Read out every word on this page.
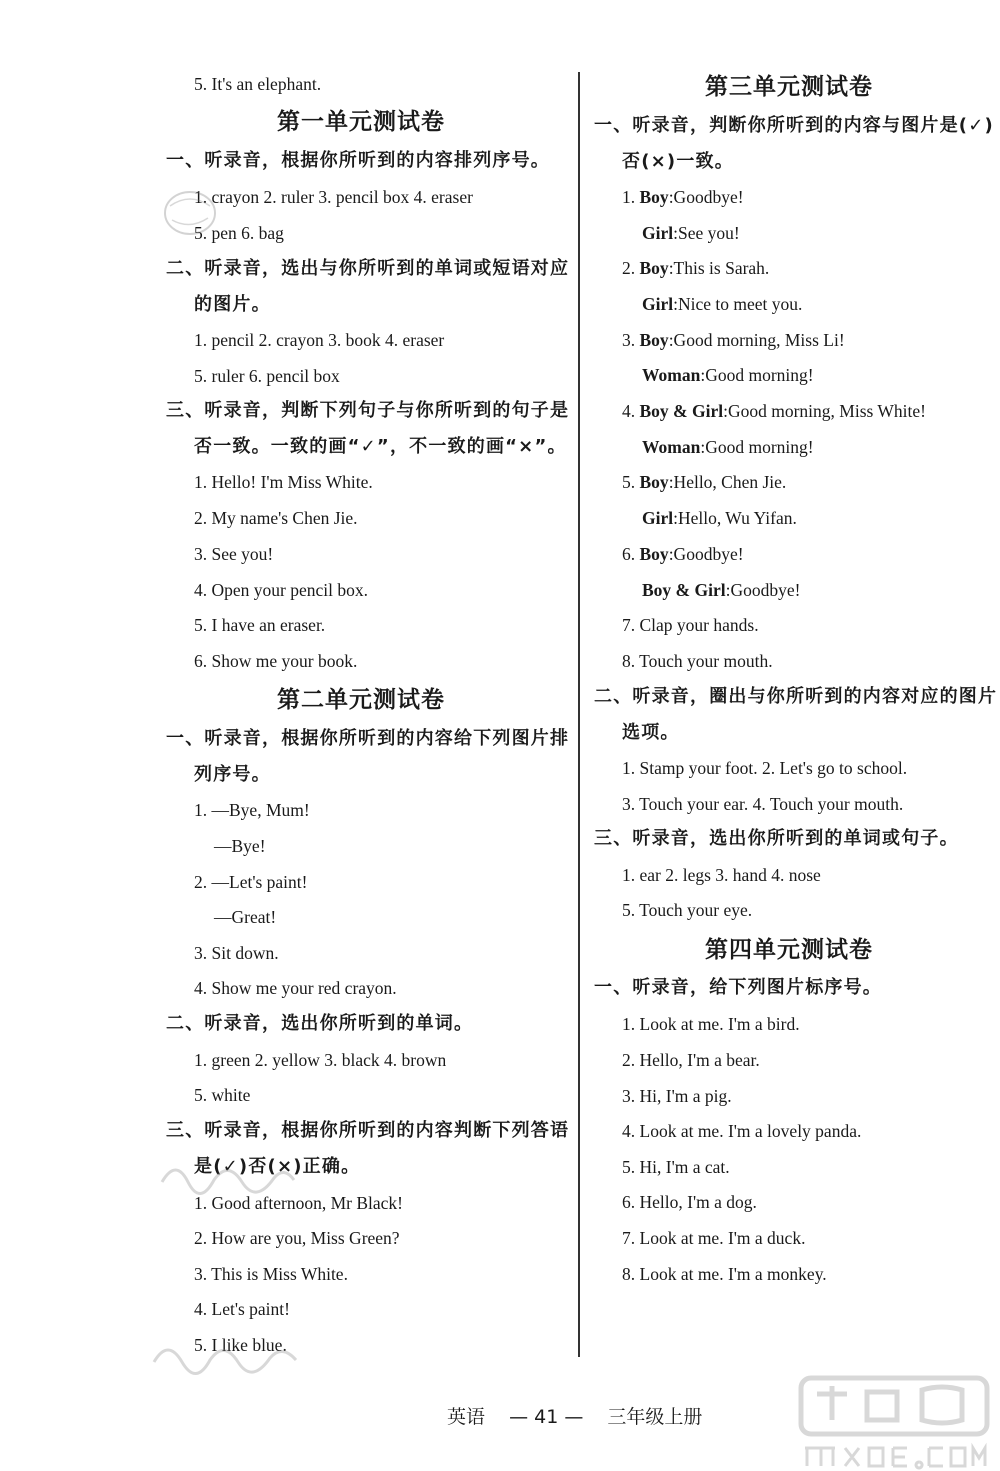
5. It's an elephant.
第一单元测试卷
一、听录音，根据你所听到的内容排列序号。
1. crayon 2. ruler 3. pencil box 4. eraser
5. pen 6. bag
二、听录音，选出与你所听到的单词或短语对应
的图片。
1. pencil 2. crayon 3. book 4. eraser
5. ruler 6. pencil box
三、听录音，判断下列句子与你所听到的句子是
否一致。一致的画“✓”，不一致的画“×”。
1. Hello! I'm Miss White.
2. My name's Chen Jie.
3. See you!
4. Open your pencil box.
5. I have an eraser.
6. Show me your book.
第二单元测试卷
一、听录音，根据你所听到的内容给下列图片排
列序号。
1. —Bye, Mum!
—Bye!
2. —Let's paint!
—Great!
3. Sit down.
4. Show me your red crayon.
二、听录音，选出你所听到的单词。
1. green 2. yellow 3. black 4. brown
5. white
三、听录音，根据你所听到的内容判断下列答语
是(✓)否(×)正确。
1. Good afternoon, Mr Black!
2. How are you, Miss Green?
3. This is Miss White.
4. Let's paint!
5. I like blue.
第三单元测试卷
一、听录音，判断你所听到的内容与图片是(✓)
否(×)一致。
1. Boy:Goodbye!
Girl:See you!
2. Boy:This is Sarah.
Girl:Nice to meet you.
3. Boy:Good morning, Miss Li!
Woman:Good morning!
4. Boy & Girl:Good morning, Miss White!
Woman:Good morning!
5. Boy:Hello, Chen Jie.
Girl:Hello, Wu Yifan.
6. Boy:Goodbye!
Boy & Girl:Goodbye!
7. Clap your hands.
8. Touch your mouth.
二、听录音，圈出与你所听到的内容对应的图片
选项。
1. Stamp your foot. 2. Let's go to school.
3. Touch your ear. 4. Touch your mouth.
三、听录音，选出你所听到的单词或句子。
1. ear 2. legs 3. hand 4. nose
5. Touch your eye.
第四单元测试卷
一、听录音，给下列图片标序号。
1. Look at me. I'm a bird.
2. Hello, I'm a bear.
3. Hi, I'm a pig.
4. Look at me. I'm a lovely panda.
5. Hi, I'm a cat.
6. Hello, I'm a dog.
7. Look at me. I'm a duck.
8. Look at me. I'm a monkey.
英语 — 41 — 三年级上册
